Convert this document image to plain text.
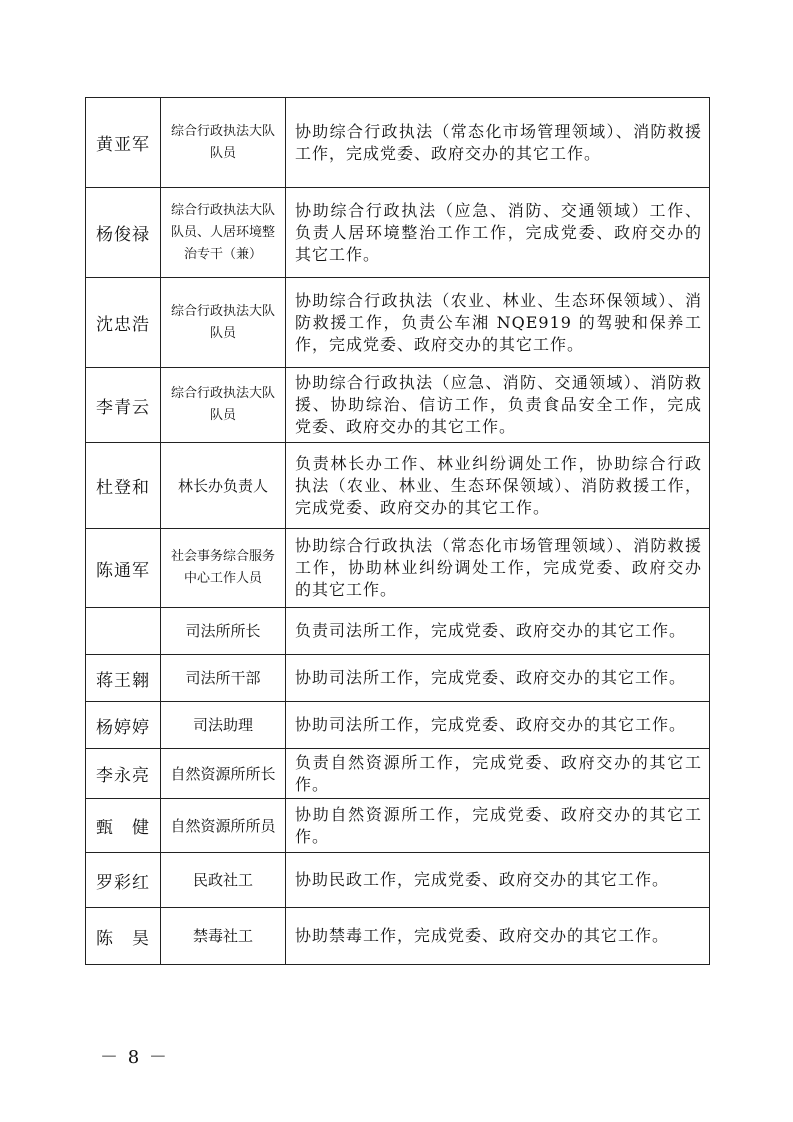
黄亚军	综合行政执法大队队员	协助综合行政执法（常态化市场管理领域）、消防救援工作，完成党委、政府交办的其它工作。
杨俊禄	综合行政执法大队队员、人居环境整治专干（兼）	协助综合行政执法（应急、消防、交通领域）工作、负责人居环境整治工作工作，完成党委、政府交办的其它工作。
沈忠浩	综合行政执法大队队员	协助综合行政执法（农业、林业、生态环保领域）、消防救援工作，负责公车湘 NQE919 的驾驶和保养工作，完成党委、政府交办的其它工作。
李青云	综合行政执法大队队员	协助综合行政执法（应急、消防、交通领域）、消防救援、协助综治、信访工作，负责食品安全工作，完成党委、政府交办的其它工作。
杜登和	林长办负责人	负责林长办工作、林业纠纷调处工作，协助综合行政执法（农业、林业、生态环保领域）、消防救援工作，完成党委、政府交办的其它工作。
陈通军	社会事务综合服务中心工作人员	协助综合行政执法（常态化市场管理领域）、消防救援工作，协助林业纠纷调处工作，完成党委、政府交办的其它工作。
	司法所所长	负责司法所工作，完成党委、政府交办的其它工作。
蒋王翱	司法所干部	协助司法所工作，完成党委、政府交办的其它工作。
杨婷婷	司法助理	协助司法所工作，完成党委、政府交办的其它工作。
李永亮	自然资源所所长	负责自然资源所工作，完成党委、政府交办的其它工作。
甄　健	自然资源所所员	协助自然资源所工作，完成党委、政府交办的其它工作。
罗彩红	民政社工	协助民政工作，完成党委、政府交办的其它工作。
陈　昊	禁毒社工	协助禁毒工作，完成党委、政府交办的其它工作。
－ 8 －
